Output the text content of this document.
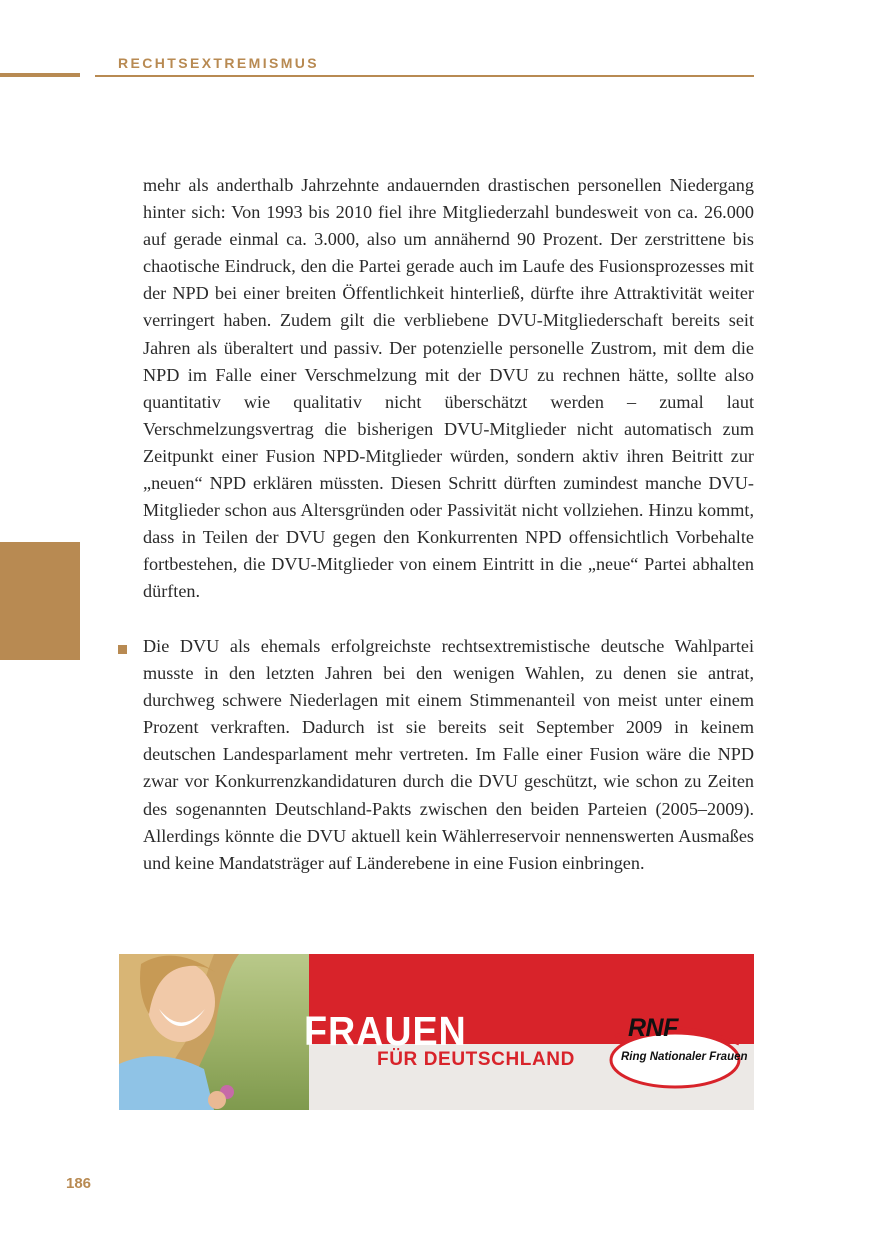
RECHTSEXTREMISMUS

mehr als anderthalb Jahrzehnte andauernden drastischen personellen Niedergang hinter sich: Von 1993 bis 2010 fiel ihre Mitgliederzahl bundesweit von ca. 26.000 auf gerade einmal ca. 3.000, also um annähernd 90 Prozent. Der zerstrittene bis chaotische Eindruck, den die Partei gerade auch im Laufe des Fusionsprozesses mit der NPD bei einer breiten Öffentlichkeit hinterließ, dürfte ihre Attraktivität weiter verringert haben. Zudem gilt die verbliebene DVU-Mitgliederschaft bereits seit Jahren als überaltert und passiv. Der potenzielle personelle Zustrom, mit dem die NPD im Falle einer Verschmelzung mit der DVU zu rechnen hätte, sollte also quantitativ wie qualitativ nicht überschätzt werden – zumal laut Verschmelzungsvertrag die bisherigen DVU-Mitglieder nicht automatisch zum Zeitpunkt einer Fusion NPD-Mitglieder würden, sondern aktiv ihren Beitritt zur „neuen“ NPD erklären müssten. Diesen Schritt dürften zumindest manche DVU-Mitglieder schon aus Altersgründen oder Passivität nicht vollziehen. Hinzu kommt, dass in Teilen der DVU gegen den Konkurrenten NPD offensichtlich Vorbehalte fortbestehen, die DVU-Mitglieder von einem Eintritt in die „neue“ Partei abhalten dürften.

Die DVU als ehemals erfolgreichste rechtsextremistische deutsche Wahlpartei musste in den letzten Jahren bei den wenigen Wahlen, zu denen sie antrat, durchweg schwere Niederlagen mit einem Stimmenanteil von meist unter einem Prozent verkraften. Dadurch ist sie bereits seit September 2009 in keinem deutschen Landesparlament mehr vertreten. Im Falle einer Fusion wäre die NPD zwar vor Konkurrenzkandidaturen durch die DVU geschützt, wie schon zu Zeiten des sogenannten Deutschland-Pakts zwischen den beiden Parteien (2005–2009). Allerdings könnte die DVU aktuell kein Wählerreservoir nennenswerten Ausmaßes und keine Mandatsträger auf Länderebene in eine Fusion einbringen.

FRAUEN
FÜR DEUTSCHLAND
RNF
Ring Nationaler Frauen
186
